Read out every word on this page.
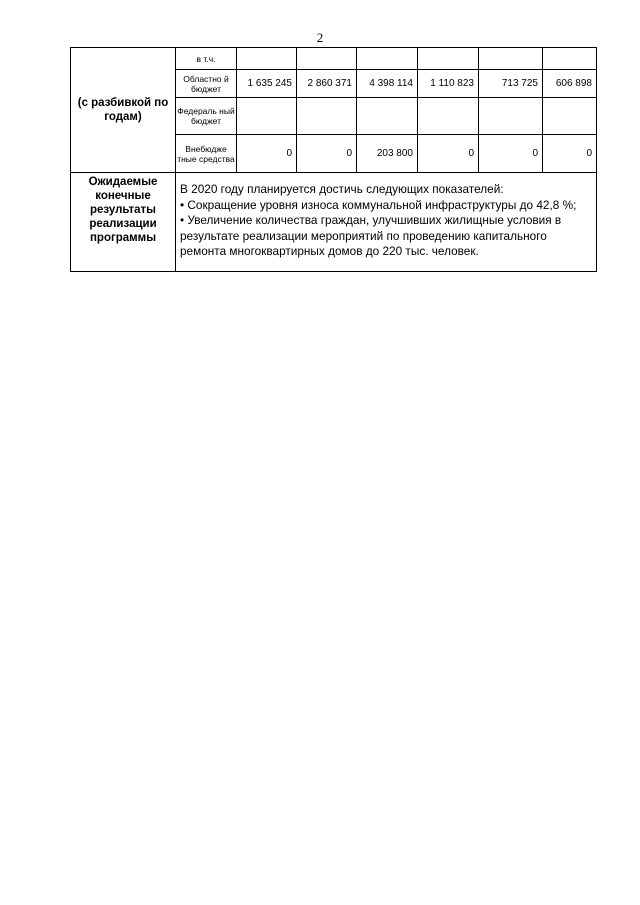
2
(с разбивкой по годам)	в т.ч.						
	Областно й бюджет	1 635 245	2 860 371	4 398 114	1 110 823	713 725	606 898
	Федераль ный бюджет						
	Внебюдже тные средства	0	0	203 800	0	0	0
Ожидаемые конечные результаты реализации программы	В 2020 году планируется достичь следующих показателей:

• Сокращение уровня износа коммунальной инфраструктуры до 42,8 %;

• Увеличение количества граждан, улучшивших жилищные условия в результате реализации мероприятий по проведению капитального ремонта многоквартирных домов до 220 тыс. человек.						
